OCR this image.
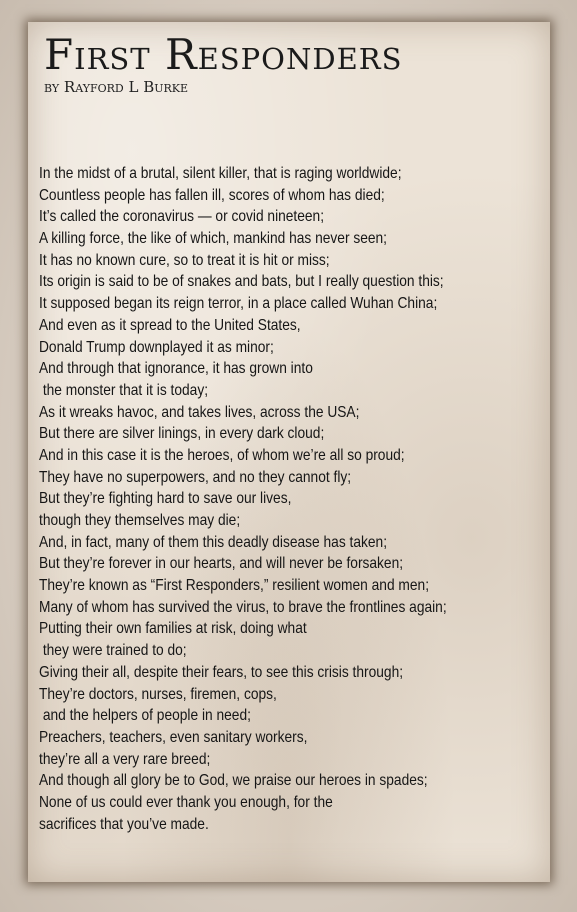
First Responders
by Rayford L Burke
In the midst of a brutal, silent killer, that is raging worldwide;
Countless people has fallen ill, scores of whom has died;
It’s called the coronavirus — or covid nineteen;
A killing force, the like of which, mankind has never seen;
It has no known cure, so to treat it is hit or miss;
Its origin is said to be of snakes and bats, but I really question this;
It supposed began its reign terror, in a place called Wuhan China;
And even as it spread to the United States,
Donald Trump downplayed it as minor;
And through that ignorance, it has grown into
the monster that it is today;
As it wreaks havoc, and takes lives, across the USA;
But there are silver linings, in every dark cloud;
And in this case it is the heroes, of whom we’re all so proud;
They have no superpowers, and no they cannot fly;
But they’re fighting hard to save our lives,
though they themselves may die;
And, in fact, many of them this deadly disease has taken;
But they’re forever in our hearts, and will never be forsaken;
They’re known as “First Responders,” resilient women and men;
Many of whom has survived the virus, to brave the frontlines again;
Putting their own families at risk, doing what
they were trained to do;
Giving their all, despite their fears, to see this crisis through;
They’re doctors, nurses, firemen, cops,
and the helpers of people in need;
Preachers, teachers, even sanitary workers,
they’re all a very rare breed;
And though all glory be to God, we praise our heroes in spades;
None of us could ever thank you enough, for the
sacrifices that you’ve made.
